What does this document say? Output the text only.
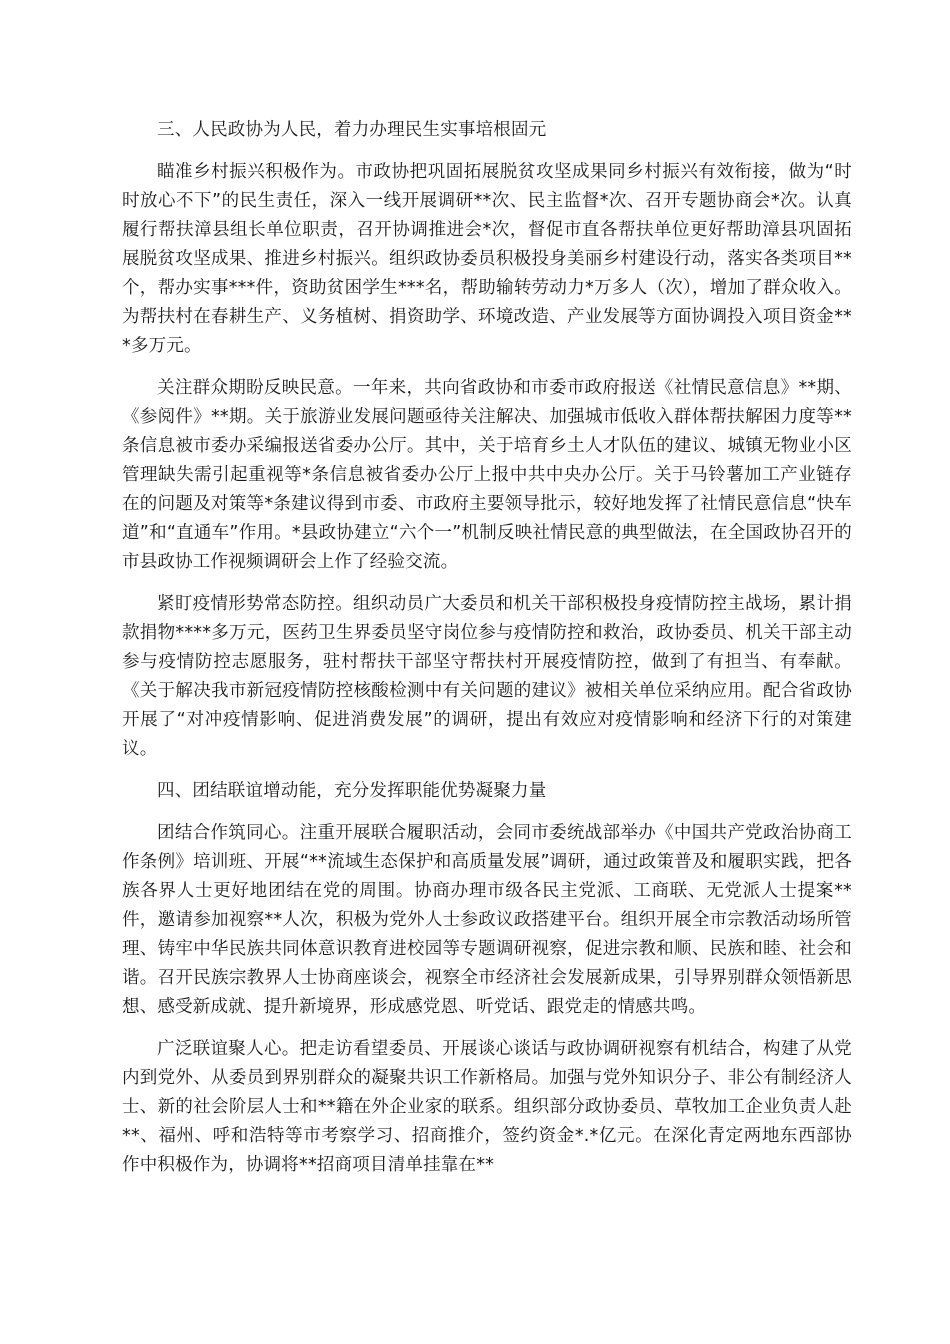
三、人民政协为人民，着力办理民生实事培根固元

瞄准乡村振兴积极作为。市政协把巩固拓展脱贫攻坚成果同乡村振兴有效衔接，做为“时时放心不下”的民生责任，深入一线开展调研**次、民主监督*次、召开专题协商会*次。认真履行帮扶漳县组长单位职责，召开协调推进会*次，督促市直各帮扶单位更好帮助漳县巩固拓展脱贫攻坚成果、推进乡村振兴。组织政协委员积极投身美丽乡村建设行动，落实各类项目**个，帮办实事***件，资助贫困学生***名，帮助输转劳动力*万多人（次），增加了群众收入。为帮扶村在春耕生产、义务植树、捐资助学、环境改造、产业发展等方面协调投入项目资金***多万元。

关注群众期盼反映民意。一年来，共向省政协和市委市政府报送《社情民意信息》**期、《参阅件》**期。关于旅游业发展问题亟待关注解决、加强城市低收入群体帮扶解困力度等**条信息被市委办采编报送省委办公厅。其中，关于培育乡土人才队伍的建议、城镇无物业小区管理缺失需引起重视等*条信息被省委办公厅上报中共中央办公厅。关于马铃薯加工产业链存在的问题及对策等*条建议得到市委、市政府主要领导批示，较好地发挥了社情民意信息“快车道”和“直通车”作用。*县政协建立“六个一”机制反映社情民意的典型做法，在全国政协召开的市县政协工作视频调研会上作了经验交流。

紧盯疫情形势常态防控。组织动员广大委员和机关干部积极投身疫情防控主战场，累计捐款捐物****多万元，医药卫生界委员坚守岗位参与疫情防控和救治，政协委员、机关干部主动参与疫情防控志愿服务，驻村帮扶干部坚守帮扶村开展疫情防控，做到了有担当、有奉献。《关于解决我市新冠疫情防控核酸检测中有关问题的建议》被相关单位采纳应用。配合省政协开展了“对冲疫情影响、促进消费发展”的调研，提出有效应对疫情影响和经济下行的对策建议。

四、团结联谊增动能，充分发挥职能优势凝聚力量

团结合作筑同心。注重开展联合履职活动，会同市委统战部举办《中国共产党政治协商工作条例》培训班、开展“**流域生态保护和高质量发展”调研，通过政策普及和履职实践，把各族各界人士更好地团结在党的周围。协商办理市级各民主党派、工商联、无党派人士提案**件，邀请参加视察**人次，积极为党外人士参政议政搭建平台。组织开展全市宗教活动场所管理、铸牢中华民族共同体意识教育进校园等专题调研视察，促进宗教和顺、民族和睦、社会和谐。召开民族宗教界人士协商座谈会，视察全市经济社会发展新成果，引导界别群众领悟新思想、感受新成就、提升新境界，形成感党恩、听党话、跟党走的情感共鸣。

广泛联谊聚人心。把走访看望委员、开展谈心谈话与政协调研视察有机结合，构建了从党内到党外、从委员到界别群众的凝聚共识工作新格局。加强与党外知识分子、非公有制经济人士、新的社会阶层人士和**籍在外企业家的联系。组织部分政协委员、草牧加工企业负责人赴**、福州、呼和浩特等市考察学习、招商推介，签约资金*.*亿元。在深化青定两地东西部协作中积极作为，协调将**招商项目清单挂靠在**
